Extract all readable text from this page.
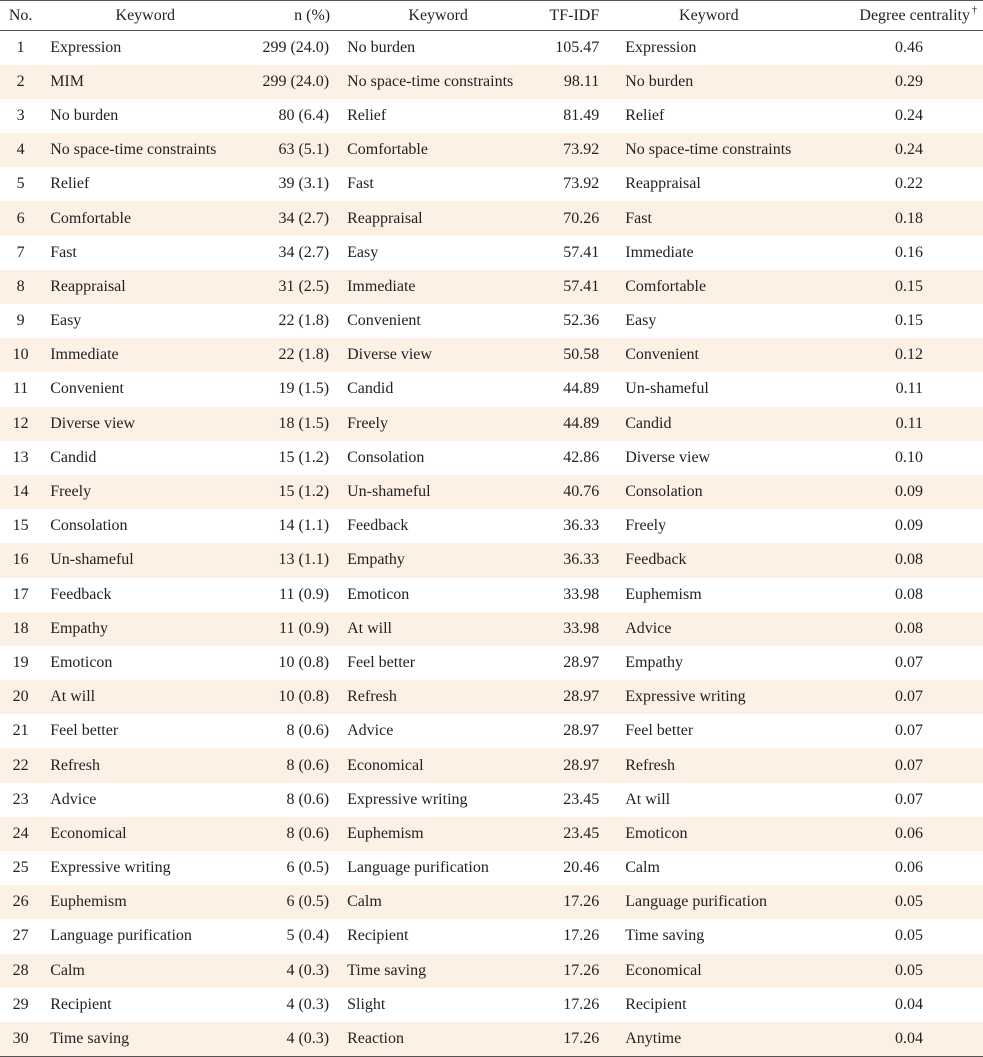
No.	Keyword	n (%)	Keyword	TF-IDF	Keyword	Degree centrality †
1	Expression	299 (24.0)	No burden	105.47	Expression	0.46
2	MIM	299 (24.0)	No space-time constraints	98.11	No burden	0.29
3	No burden	80 (6.4)	Relief	81.49	Relief	0.24
4	No space-time constraints	63 (5.1)	Comfortable	73.92	No space-time constraints	0.24
5	Relief	39 (3.1)	Fast	73.92	Reappraisal	0.22
6	Comfortable	34 (2.7)	Reappraisal	70.26	Fast	0.18
7	Fast	34 (2.7)	Easy	57.41	Immediate	0.16
8	Reappraisal	31 (2.5)	Immediate	57.41	Comfortable	0.15
9	Easy	22 (1.8)	Convenient	52.36	Easy	0.15
10	Immediate	22 (1.8)	Diverse view	50.58	Convenient	0.12
11	Convenient	19 (1.5)	Candid	44.89	Un-shameful	0.11
12	Diverse view	18 (1.5)	Freely	44.89	Candid	0.11
13	Candid	15 (1.2)	Consolation	42.86	Diverse view	0.10
14	Freely	15 (1.2)	Un-shameful	40.76	Consolation	0.09
15	Consolation	14 (1.1)	Feedback	36.33	Freely	0.09
16	Un-shameful	13 (1.1)	Empathy	36.33	Feedback	0.08
17	Feedback	11 (0.9)	Emoticon	33.98	Euphemism	0.08
18	Empathy	11 (0.9)	At will	33.98	Advice	0.08
19	Emoticon	10 (0.8)	Feel better	28.97	Empathy	0.07
20	At will	10 (0.8)	Refresh	28.97	Expressive writing	0.07
21	Feel better	8 (0.6)	Advice	28.97	Feel better	0.07
22	Refresh	8 (0.6)	Economical	28.97	Refresh	0.07
23	Advice	8 (0.6)	Expressive writing	23.45	At will	0.07
24	Economical	8 (0.6)	Euphemism	23.45	Emoticon	0.06
25	Expressive writing	6 (0.5)	Language purification	20.46	Calm	0.06
26	Euphemism	6 (0.5)	Calm	17.26	Language purification	0.05
27	Language purification	5 (0.4)	Recipient	17.26	Time saving	0.05
28	Calm	4 (0.3)	Time saving	17.26	Economical	0.05
29	Recipient	4 (0.3)	Slight	17.26	Recipient	0.04
30	Time saving	4 (0.3)	Reaction	17.26	Anytime	0.04
